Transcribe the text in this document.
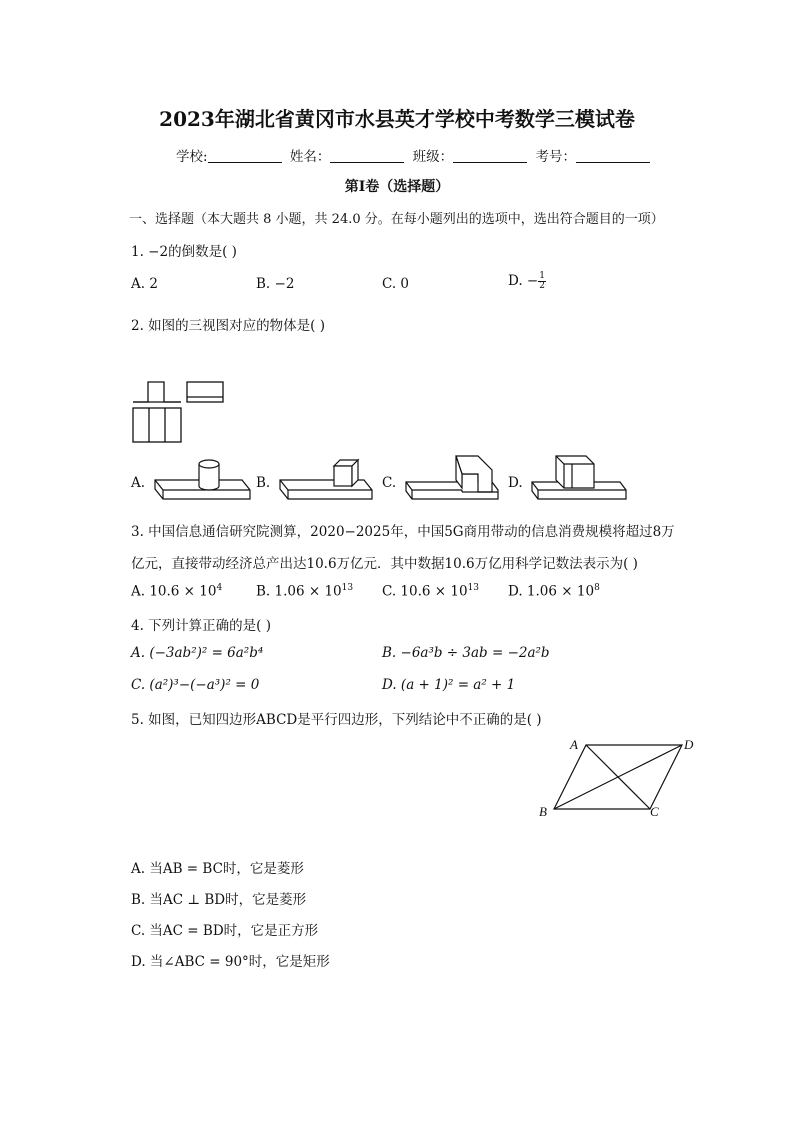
2023年湖北省黄冈市水县英才学校中考数学三模试卷
学校:	姓名：	班级：	考号：
第I卷（选择题）
一、选择题（本大题共 8 小题，共 24.0 分。在每小题列出的选项中，选出符合题目的一项）
1. −2的倒数是( )
A. 2	B. −2	C. 0	D. − $\frac{1}{2}$
2. 如图的三视图对应的物体是( )
A.	B.	C.	D.
3. 中国信息通信研究院测算，2020−2025年，中国5G商用带动的信息消费规模将超过8万
亿元，直接带动经济总产出达10.6万亿元．其中数据10.6万亿用科学记数法表示为( )
A. $10.6 \times 10^4$	B. $1.06 \times 10^{13}$ C. $10.6 \times 10^{13}$ D. $1.06 \times 10^8$
4. 下列计算正确的是( )
A. (−3ab²)² = 6a²b⁴	B. −6a³b ÷ 3ab = −2a²b
C. (a²)³−(−a³)² = 0	D. (a + 1)² = a² + 1
5. 如图，已知四边形ABCD是平行四边形，下列结论中不正确的是( )
A	D
B	C
A. 当AB = BC时，它是菱形
B. 当AC ⊥ BD时，它是菱形
C. 当AC = BD时，它是正方形
D. 当∠ABC = 90°时，它是矩形
